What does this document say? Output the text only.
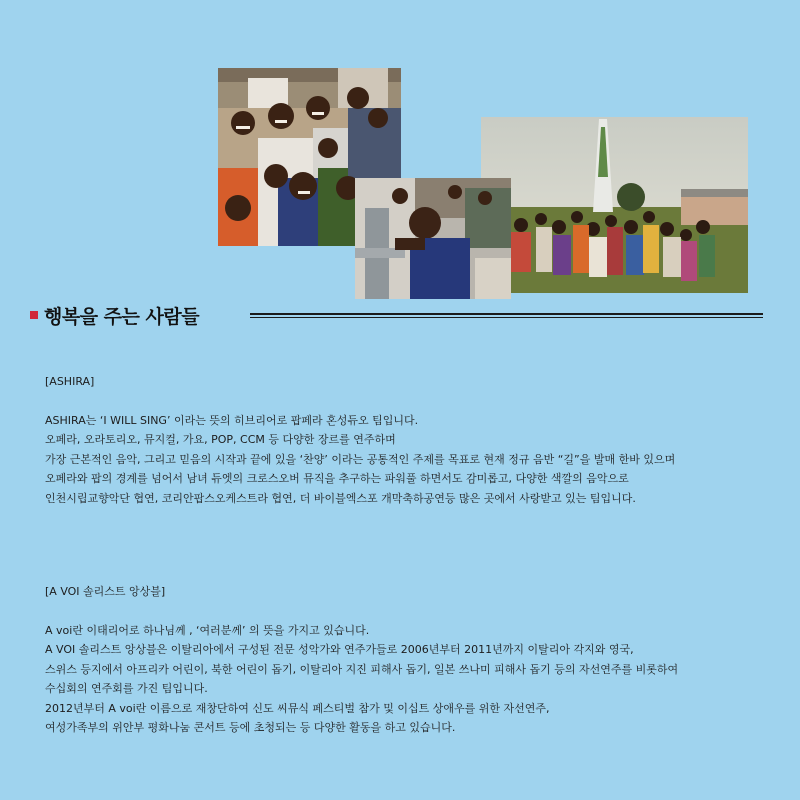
행복을 주는 사람들

[ASHIRA]

ASHIRA는 ‘I WILL SING’ 이라는 뜻의 히브리어로 팝페라 혼성듀오 팀입니다.

오페라, 오라토리오, 뮤지컬, 가요, POP, CCM 등 다양한 장르를 연주하며

가장 근본적인 음악, 그리고 믿음의 시작과 끝에 있을 ‘찬양’ 이라는 공통적인 주제를 목표로 현재 정규 음반 “길”을 발매 한바 있으며

오페라와 팝의 경계를 넘어서 남녀 듀엣의 크로스오버 뮤직을 추구하는 파워풀 하면서도 감미롭고, 다양한 색깔의 음악으로

인천시립교향악단 협연, 코리안팝스오케스트라 협연, 더 바이블엑스포 개막축하공연등 많은 곳에서 사랑받고 있는 팀입니다.

[A VOI 솔리스트 앙상블]

A voi란 이태리어로 하나님께 , ‘여러분께’ 의 뜻을 가지고 있습니다.

A VOI 솔리스트 앙상블은 이탈리아에서 구성된 전문 성악가와 연주가들로 2006년부터 2011년까지 이탈리아 각지와 영국,

스위스 등지에서 아프리카 어린이, 북한 어린이 돕기, 이탈리아 지진 피해사 돕기, 일본 쓰나미 피해사 돕기 등의 자선연주를 비롯하여

수십회의 연주회를 가진 팀입니다.

2012년부터 A voi란 이름으로 재창단하여 신도 씨뮤식 페스티벌 참가 및 이십트 상애우를 위한 자선연주,

여성가족부의 위안부 평화나눔 콘서트 등에 초청되는 등 다양한 활동을 하고 있습니다.
